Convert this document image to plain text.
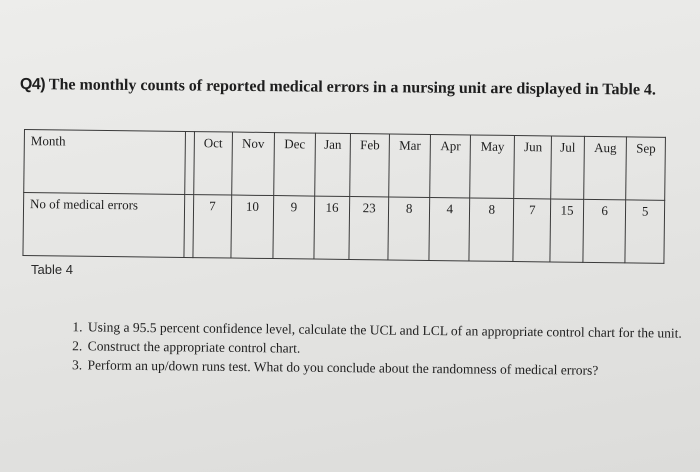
Q4) The monthly counts of reported medical errors in a nursing unit are displayed in Table 4.
Month		Oct	Nov	Dec	Jan	Feb	Mar	Apr	May	Jun	Jul	Aug	Sep
No of medical errors		7	10	9	16	23	8	4	8	7	15	6	5
Table 4
1. Using a 95.5 percent confidence level, calculate the UCL and LCL of an appropriate control chart for the unit.
2. Construct the appropriate control chart.
3. Perform an up/down runs test. What do you conclude about the randomness of medical errors?
